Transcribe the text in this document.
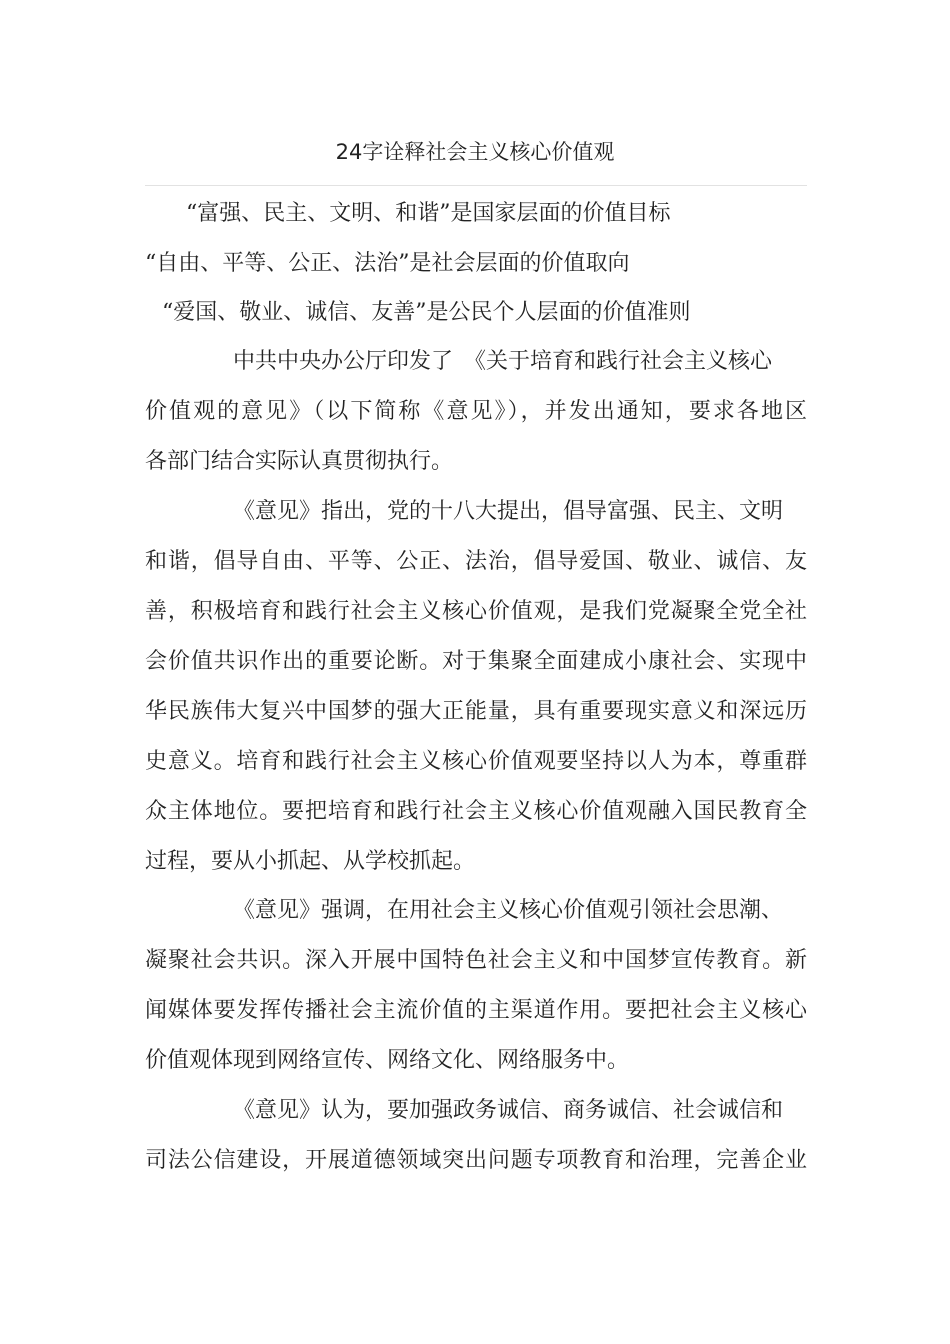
24字诠释社会主义核心价值观
“富强、民主、文明、和谐”是国家层面的价值目标
“自由、平等、公正、法治”是社会层面的价值取向
“爱国、敬业、诚信、友善”是公民个人层面的价值准则
中共中央办公厅印发了　《关于培育和践行社会主义核心
价值观的意见》（以下简称《意见》），并发出通知，要求各地区
各部门结合实际认真贯彻执行。
《意见》指出，党的十八大提出，倡导富强、民主、文明
和谐，倡导自由、平等、公正、法治，倡导爱国、敬业、诚信、友
善，积极培育和践行社会主义核心价值观，是我们党凝聚全党全社
会价值共识作出的重要论断。对于集聚全面建成小康社会、实现中
华民族伟大复兴中国梦的强大正能量，具有重要现实意义和深远历
史意义。培育和践行社会主义核心价值观要坚持以人为本，尊重群
众主体地位。要把培育和践行社会主义核心价值观融入国民教育全
过程，要从小抓起、从学校抓起。
《意见》强调，在用社会主义核心价值观引领社会思潮、
凝聚社会共识。深入开展中国特色社会主义和中国梦宣传教育。新
闻媒体要发挥传播社会主流价值的主渠道作用。要把社会主义核心
价值观体现到网络宣传、网络文化、网络服务中。
《意见》认为，要加强政务诚信、商务诚信、社会诚信和
司法公信建设，开展道德领域突出问题专项教育和治理，完善企业
